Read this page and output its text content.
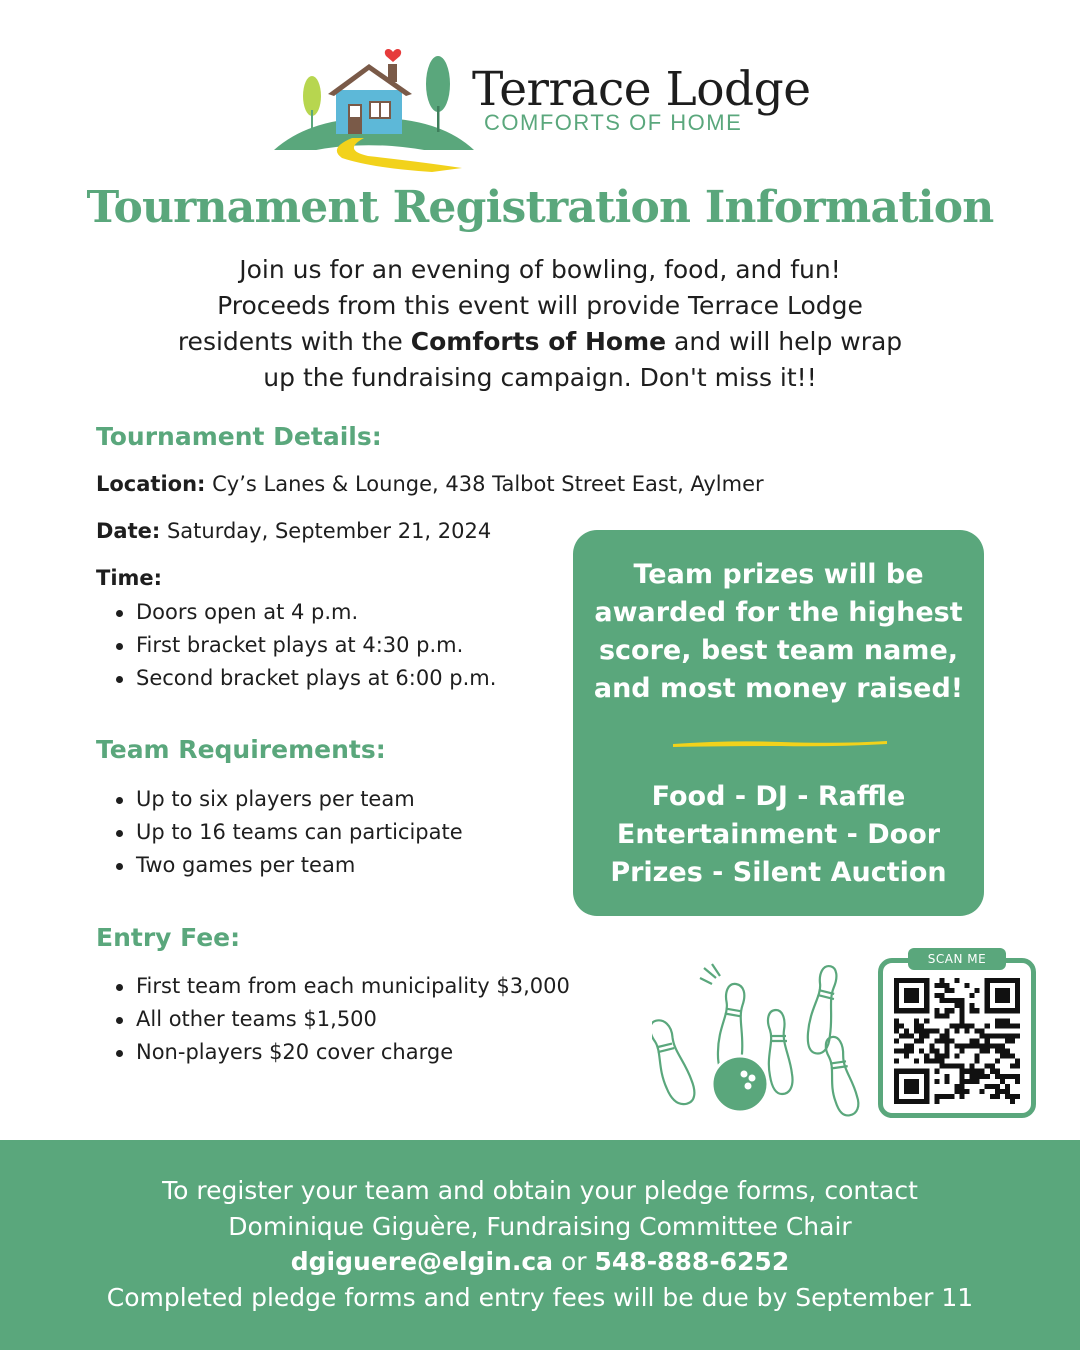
Terrace Lodge
COMFORTS OF HOME
Tournament Registration Information
Join us for an evening of bowling, food, and fun!
Proceeds from this event will provide Terrace Lodge
residents with the Comforts of Home and will help wrap
up the fundraising campaign. Don't miss it!!
Tournament Details:
Location: Cy’s Lanes & Lounge, 438 Talbot Street East, Aylmer
Date: Saturday, September 21, 2024
Time:
Doors open at 4 p.m.
First bracket plays at 4:30 p.m.
Second bracket plays at 6:00 p.m.
Team Requirements:
Up to six players per team
Up to 16 teams can participate
Two games per team
Entry Fee:
First team from each municipality $3,000
All other teams $1,500
Non-players $20 cover charge
Team prizes will be
awarded for the highest
score, best team name,
and most money raised!
Food - DJ - Raffle
Entertainment - Door
Prizes - Silent Auction
SCAN ME
To register your team and obtain your pledge forms, contact
Dominique Giguère, Fundraising Committee Chair
dgiguere@elgin.ca or 548-888-6252
Completed pledge forms and entry fees will be due by September 11
